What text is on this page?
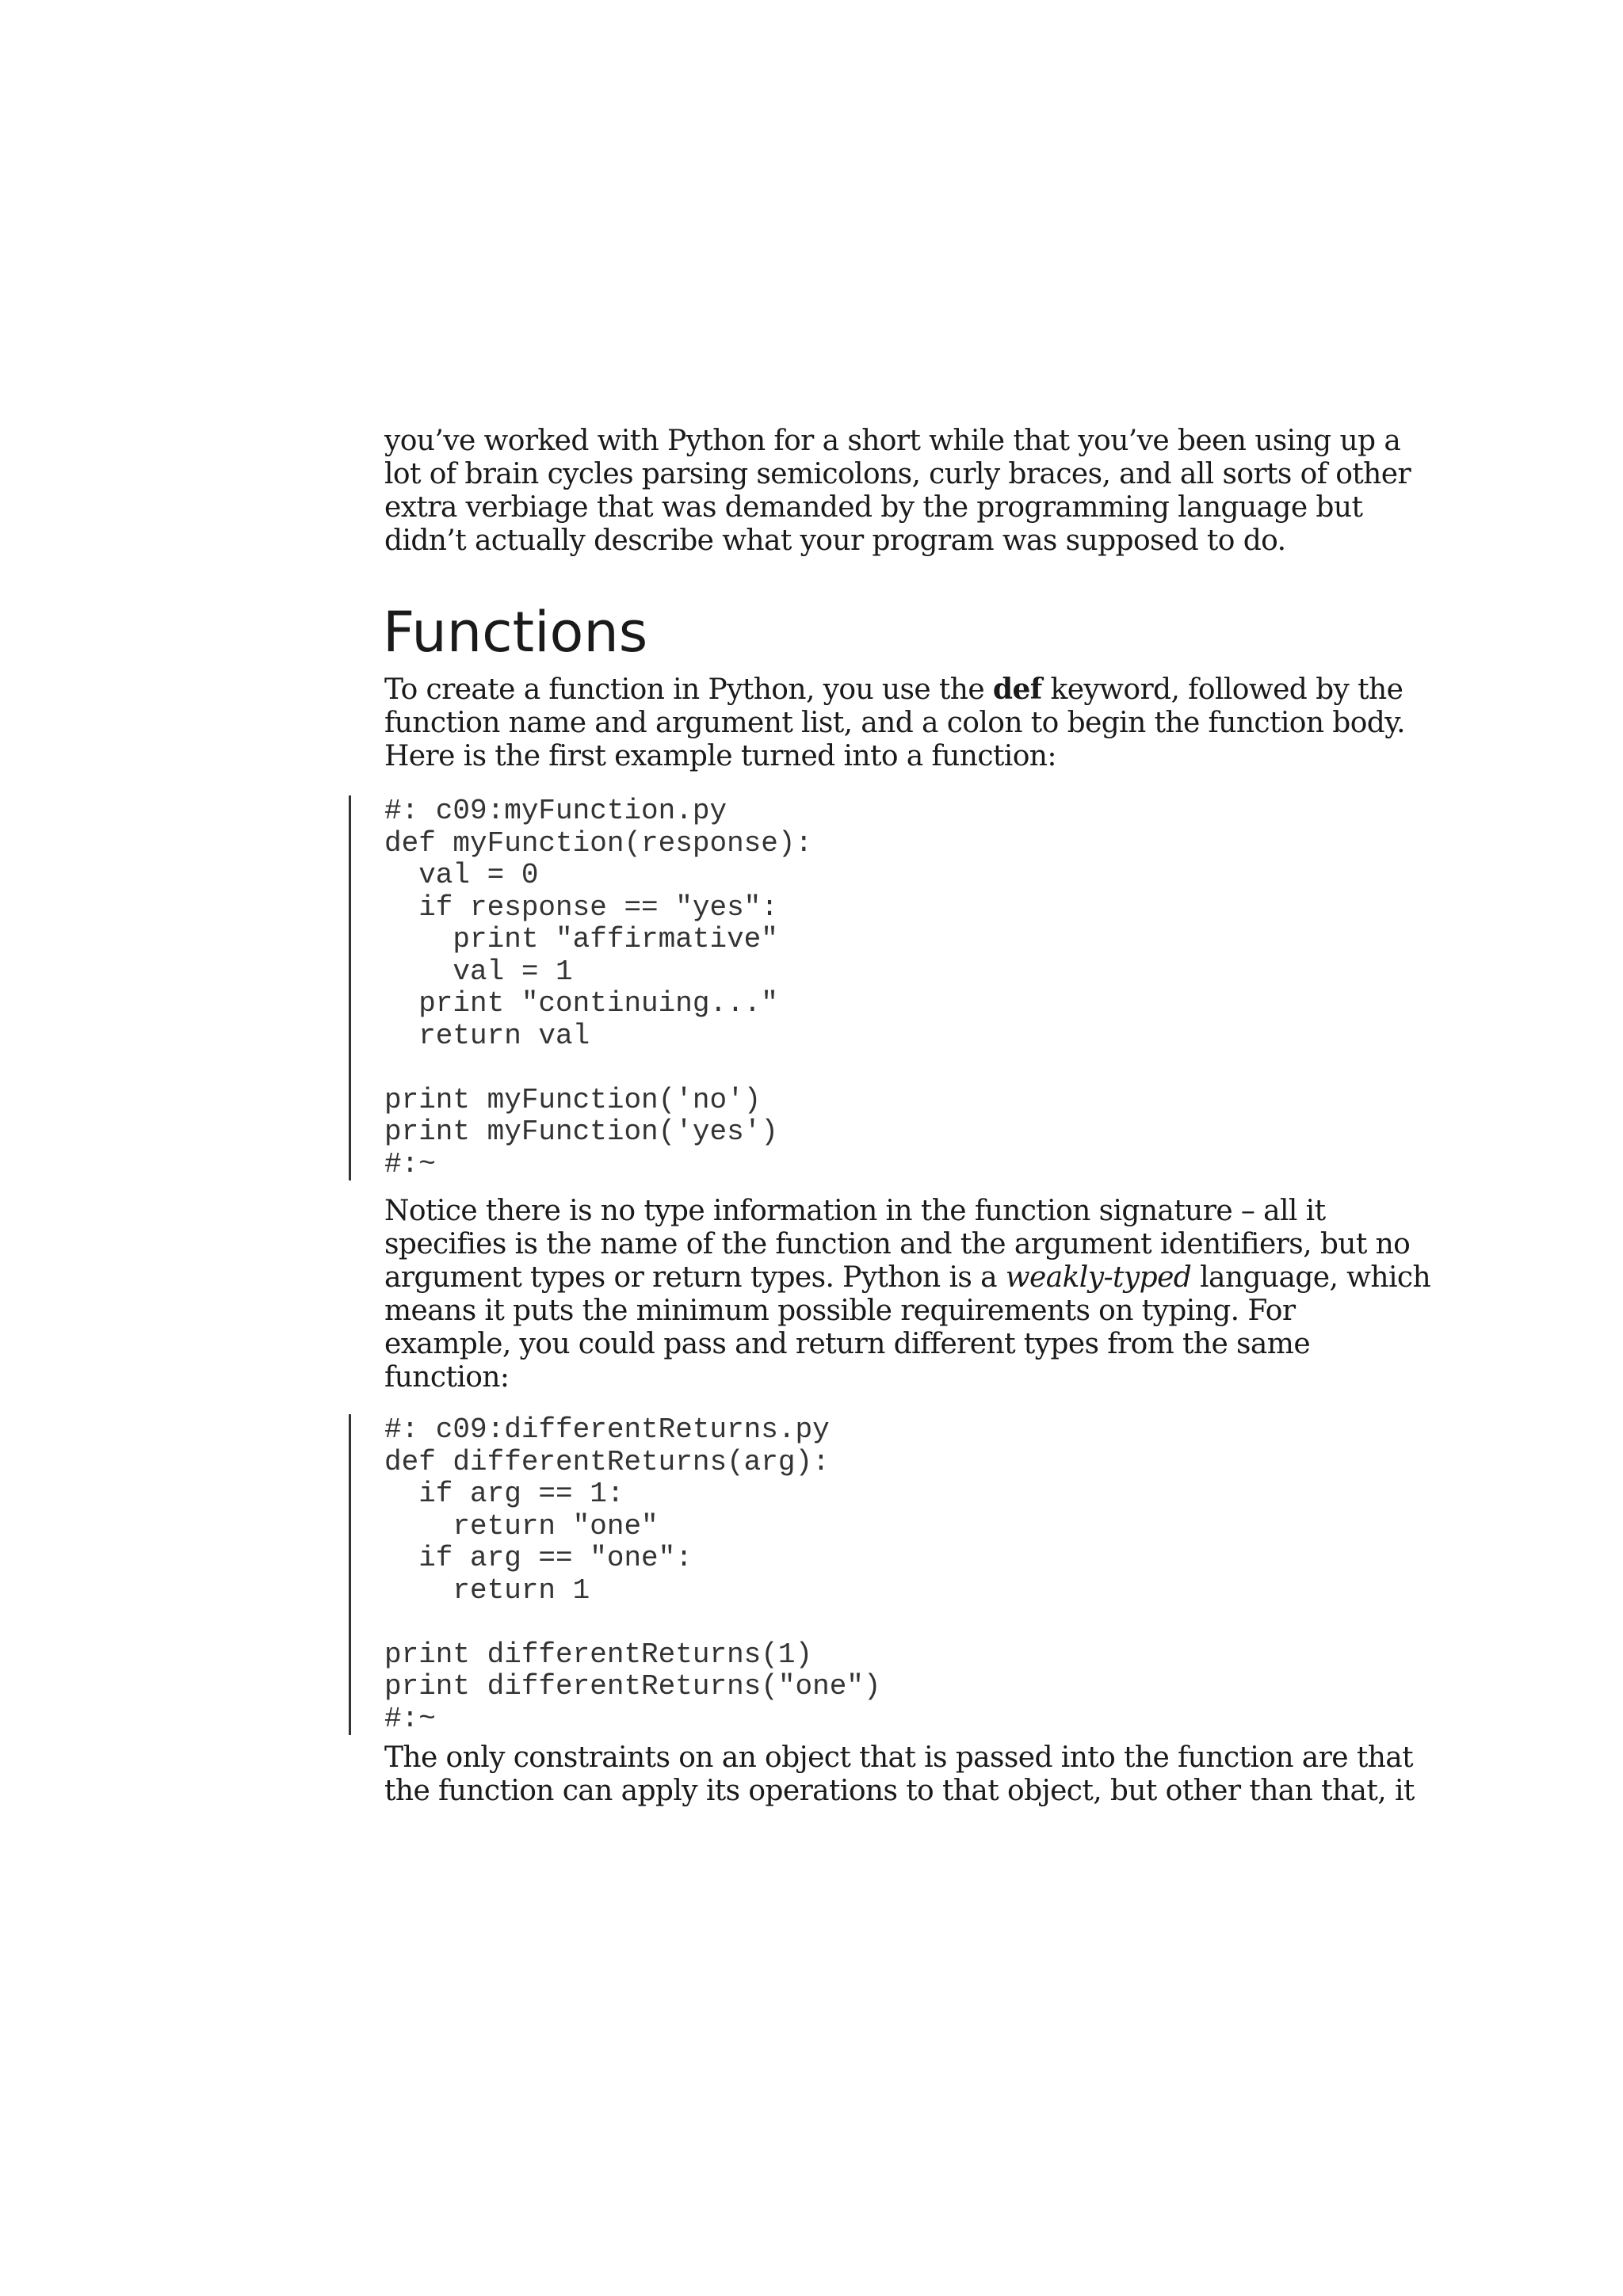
you’ve worked with Python for a short while that you’ve been using up a
lot of brain cycles parsing semicolons, curly braces, and all sorts of other
extra verbiage that was demanded by the programming language but
didn’t actually describe what your program was supposed to do.
Functions
To create a function in Python, you use the def keyword, followed by the
function name and argument list, and a colon to begin the function body.
Here is the first example turned into a function:
#: c09:myFunction.py
def myFunction(response):
val = 0
if response == "yes":
print "affirmative"
val = 1
print "continuing..."
return val
print myFunction('no')
print myFunction('yes')
#:~
Notice there is no type information in the function signature – all it
specifies is the name of the function and the argument identifiers, but no
argument types or return types. Python is a weakly-typed language, which
means it puts the minimum possible requirements on typing. For
example, you could pass and return different types from the same
function:
#: c09:differentReturns.py
def differentReturns(arg):
if arg == 1:
return "one"
if arg == "one":
return 1
print differentReturns(1)
print differentReturns("one")
#:~
The only constraints on an object that is passed into the function are that
the function can apply its operations to that object, but other than that, it
